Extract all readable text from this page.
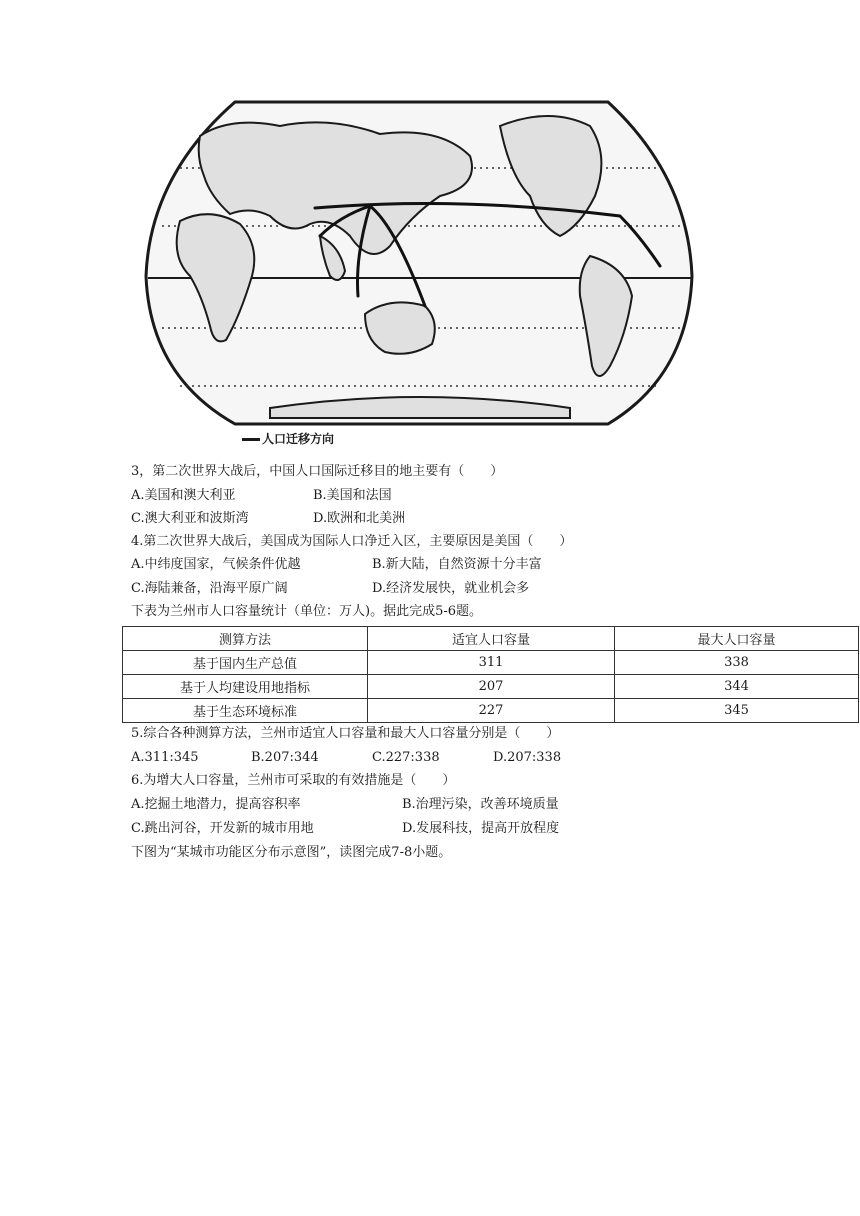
人口迁移方向
3，第二次世界大战后，中国人口国际迁移目的地主要有（　　）
A.美国和澳大利亚	B.美国和法国
C.澳大利亚和波斯湾	D.欧洲和北美洲
4.第二次世界大战后，美国成为国际人口净迁入区，主要原因是美国（　　）
A.中纬度国家，气候条件优越	B.新大陆，自然资源十分丰富
C.海陆兼备，沿海平原广阔	D.经济发展快，就业机会多
下表为兰州市人口容量统计（单位：万人)。据此完成5-6题。
测算方法	适宜人口容量	最大人口容量
基于国内生产总值	311	338
基于人均建设用地指标	207	344
基于生态环境标准	227	345
5.综合各种测算方法，兰州市适宜人口容量和最大人口容量分别是（　　）
A.311:345	B.207:344	C.227:338	D.207:338
6.为增大人口容量，兰州市可采取的有效措施是（　　）
A.挖掘土地潜力，提高容积率	B.治理污染，改善环境质量
C.跳出河谷，开发新的城市用地	D.发展科技，提高开放程度
下图为“某城市功能区分布示意图”，读图完成7-8小题。
